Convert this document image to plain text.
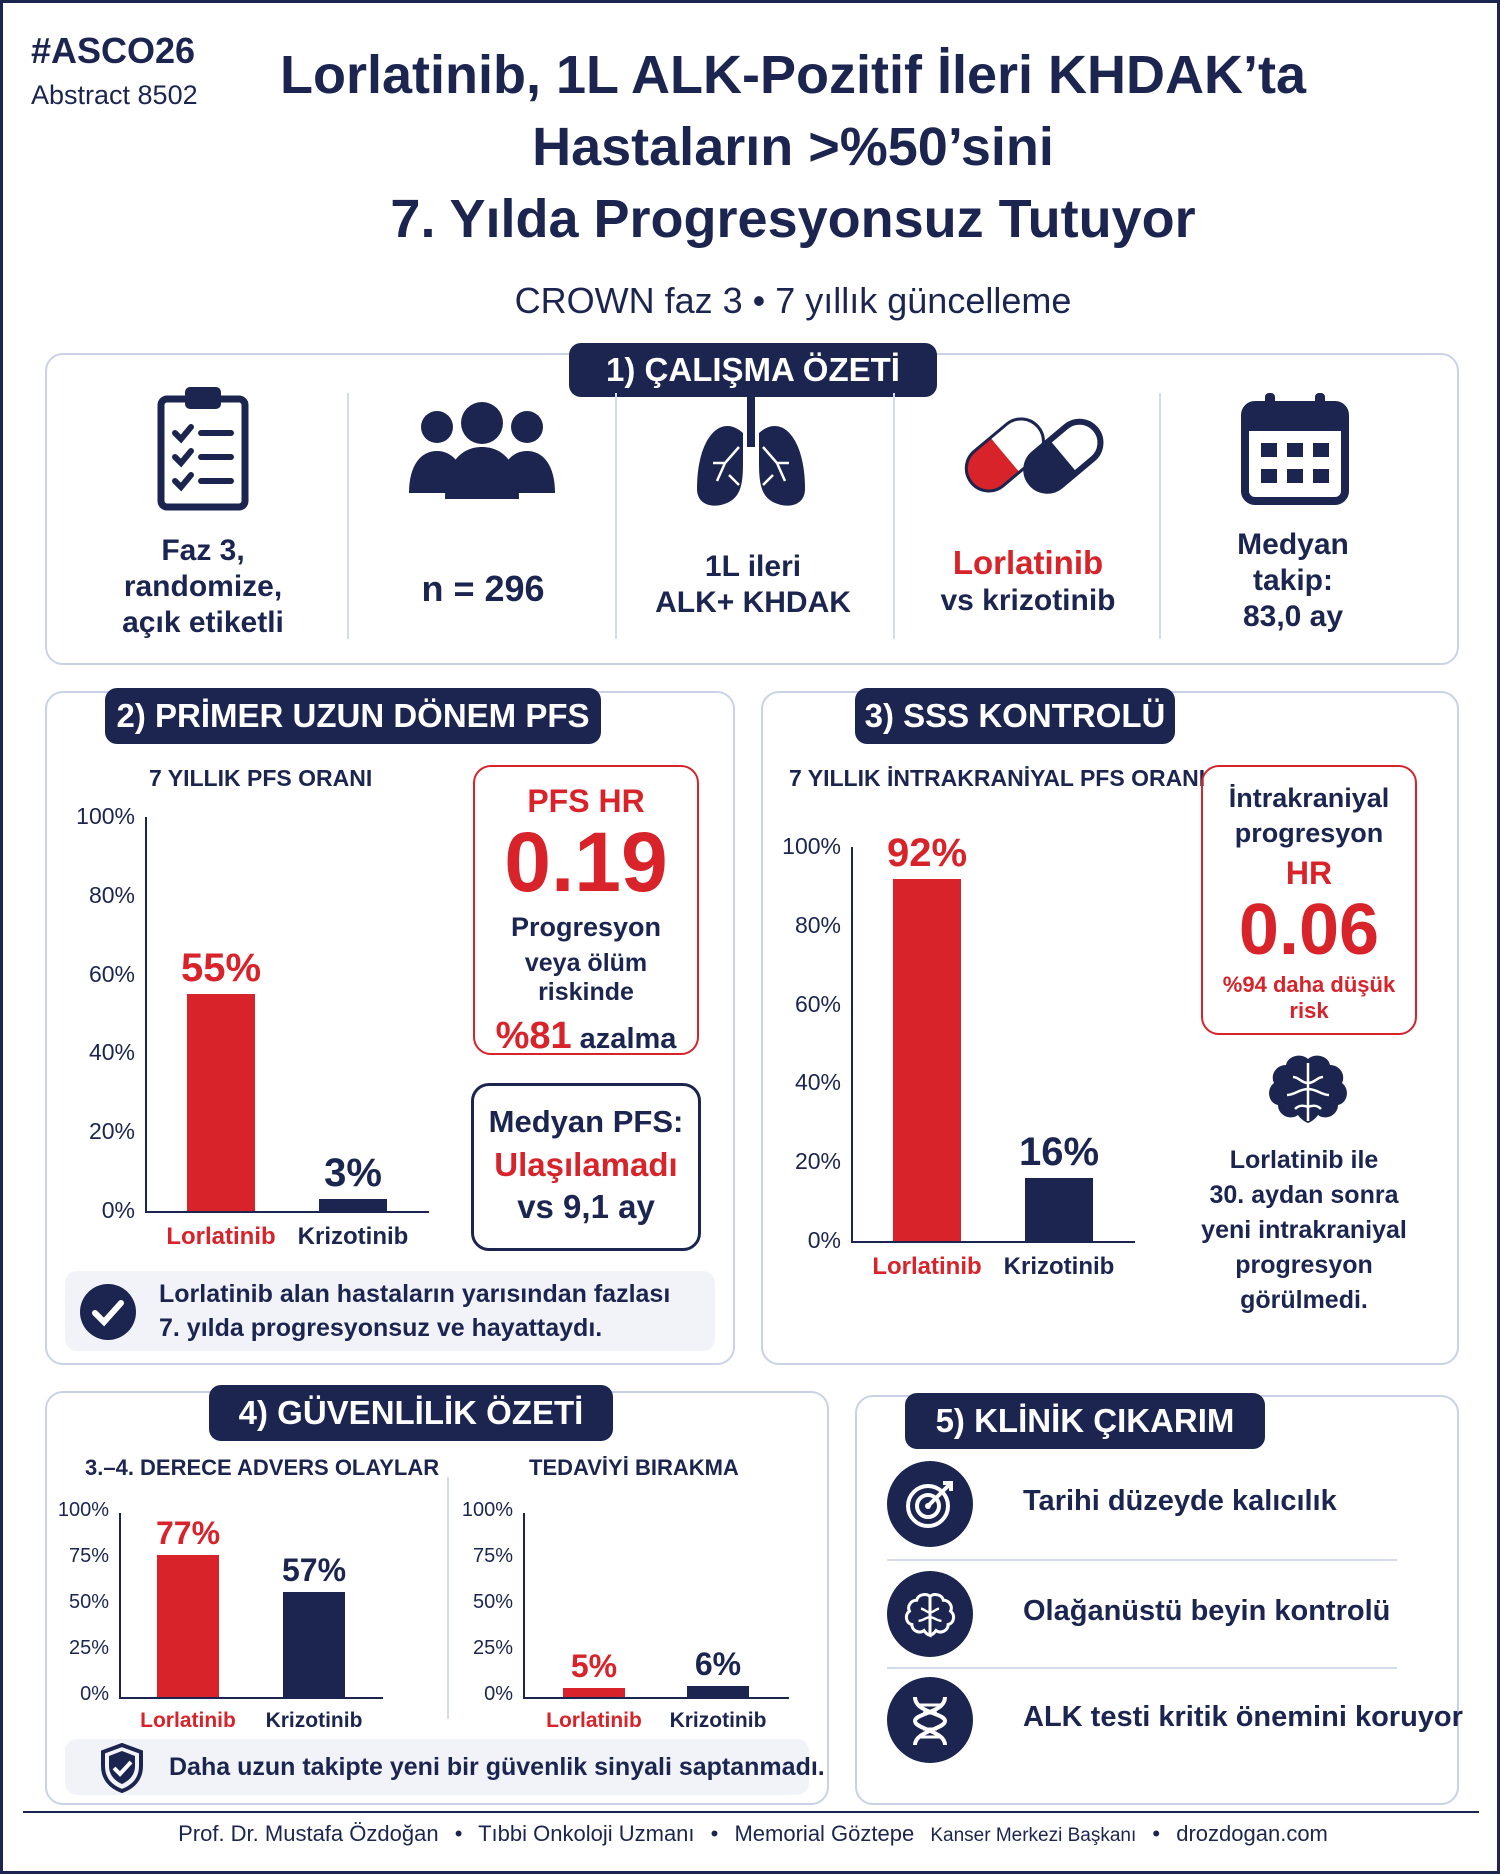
#ASCO26
Abstract 8502	Lorlatinib, 1L ALK-Pozitif İleri KHDAK’ta
Hastaların >%50’sini
7. Yılda Progresyonsuz Tutuyor
CROWN faz 3 • 7 yıllık güncelleme
1) ÇALIŞMA ÖZETİ
Faz 3,
randomize,
açık etiketli
n = 296
1L ileri
ALK+ KHDAK
Lorlatinib
vs krizotinib
Medyan
takip:
83,0 ay
2) PRİMER UZUN DÖNEM PFS
7 YILLIK PFS ORANI
0%
20%
40%
60%
80%
100%
55%
Lorlatinib
3%
Krizotinib
PFS HR
0.19
Progresyon
veya ölüm riskinde
%81 azalma
Medyan PFS:
Ulaşılamadı
vs 9,1 ay
Lorlatinib alan hastaların yarısından fazlası
7. yılda progresyonsuz ve hayattaydı.
3) SSS KONTROLÜ
7 YILLIK İNTRAKRANİYAL PFS ORANI
0%
20%
40%
60%
80%
100%	92%
Lorlatinib
16%
Krizotinib
İntrakraniyal
progresyon
HR
0.06
%94 daha düşük risk
Lorlatinib ile
30. aydan sonra
yeni intrakraniyal
progresyon
görülmedi.
4) GÜVENLİLİK ÖZETİ
3.–4. DERECE ADVERS OLAYLAR	TEDAVİYİ BIRAKMA
0%
25%
50%
75%
100%
77%
Lorlatinib
57%
Krizotinib
0%
25%
50%
75%
100%
5%
Lorlatinib
6%
Krizotinib
Daha uzun takipte yeni bir güvenlik sinyali saptanmadı.
Tarihi düzeyde kalıcılık
Olağanüstü beyin kontrolü
ALK testi kritik önemini koruyor
5) KLİNİK ÇIKARIM
Prof. Dr. Mustafa Özdoğan • Tıbbi Onkoloji Uzmanı • Memorial Göztepe Kanser Merkezi Başkanı • drozdogan.com
